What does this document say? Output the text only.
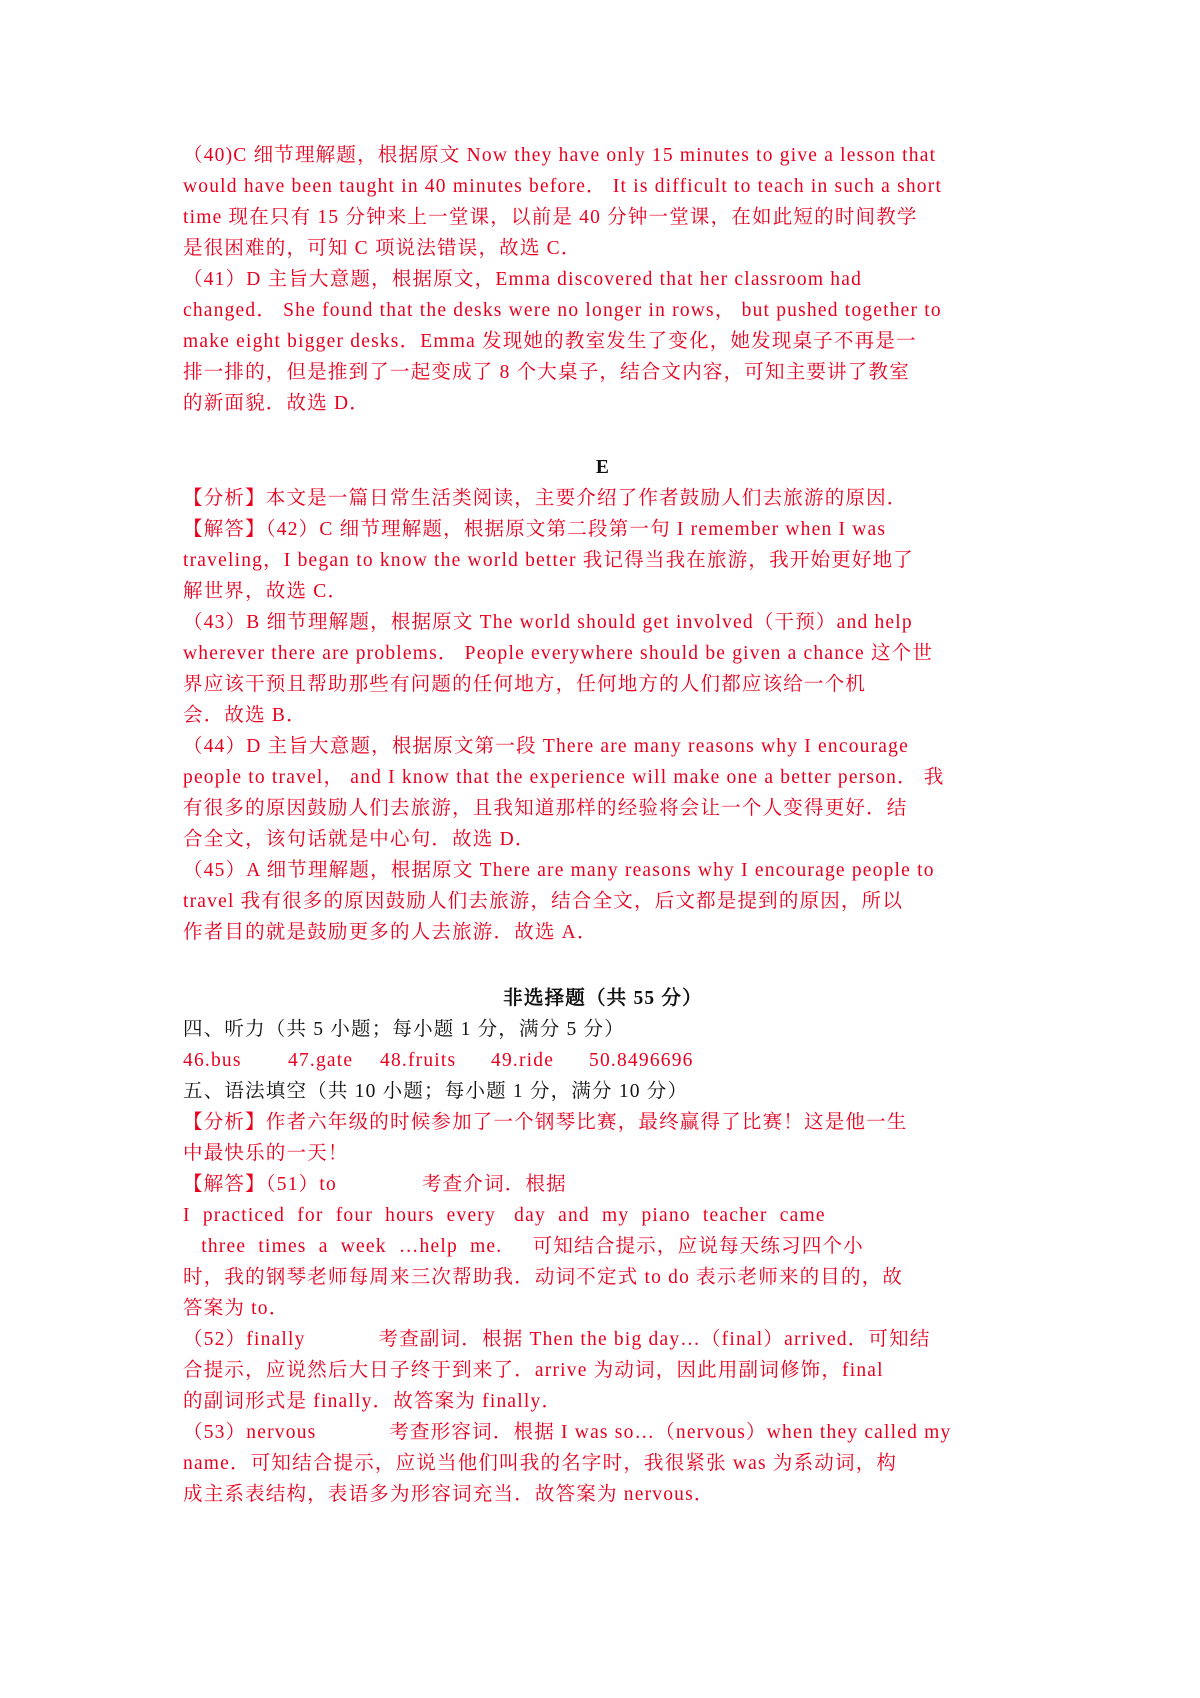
（40)C 细节理解题，根据原文 Now they have only 15 minutes to give a lesson that
would have been taught in 40 minutes before． It is difficult to teach in such a short
time 现在只有 15 分钟来上一堂课，以前是 40 分钟一堂课，在如此短的时间教学
是很困难的，可知 C 项说法错误，故选 C．
（41）D 主旨大意题，根据原文，Emma discovered that her classroom had
changed． She found that the desks were no longer in rows， but pushed together to
make eight bigger desks．Emma 发现她的教室发生了变化，她发现桌子不再是一
排一排的，但是推到了一起变成了 8 个大桌子，结合文内容，可知主要讲了教室
的新面貌．故选 D．
E
【分析】本文是一篇日常生活类阅读，主要介绍了作者鼓励人们去旅游的原因．
【解答】（42）C 细节理解题，根据原文第二段第一句 I remember when I was
traveling，I began to know the world better 我记得当我在旅游，我开始更好地了
解世界，故选 C．
（43）B 细节理解题，根据原文 The world should get involved（干预）and help
wherever there are problems． People everywhere should be given a chance 这个世
界应该干预且帮助那些有问题的任何地方，任何地方的人们都应该给一个机
会．故选 B．
（44）D 主旨大意题，根据原文第一段 There are many reasons why I encourage
people to travel， and I know that the experience will make one a better person． 我
有很多的原因鼓励人们去旅游，且我知道那样的经验将会让一个人变得更好．结
合全文，该句话就是中心句．故选 D．
（45）A 细节理解题，根据原文 There are many reasons why I encourage people to
travel 我有很多的原因鼓励人们去旅游，结合全文，后文都是提到的原因，所以
作者目的就是鼓励更多的人去旅游．故选 A．
非选择题（共 55 分）
四、听力（共 5 小题；每小题 1 分，满分 5 分）
46.bus 47.gate 48.fruits 49.ride 50.8496696
五、语法填空（共 10 小题；每小题 1 分，满分 10 分）
【分析】作者六年级的时候参加了一个钢琴比赛，最终赢得了比赛！这是他一生
中最快乐的一天！
【解答】（51）to              考查介词．根据
I  practiced  for  four  hours  every   day  and  my  piano  teacher  came
three  times  a  week  …help  me.     可知结合提示，应说每天练习四个小
时，我的钢琴老师每周来三次帮助我．动词不定式 to do 表示老师来的目的，故
答案为 to．
（52）finally            考查副词．根据 Then the big day…（final）arrived．可知结
合提示，应说然后大日子终于到来了．arrive 为动词，因此用副词修饰，final
的副词形式是 finally．故答案为 finally．
（53）nervous            考查形容词．根据 I was so…（nervous）when they called my
name．可知结合提示，应说当他们叫我的名字时，我很紧张 was 为系动词，构
成主系表结构，表语多为形容词充当．故答案为 nervous．
